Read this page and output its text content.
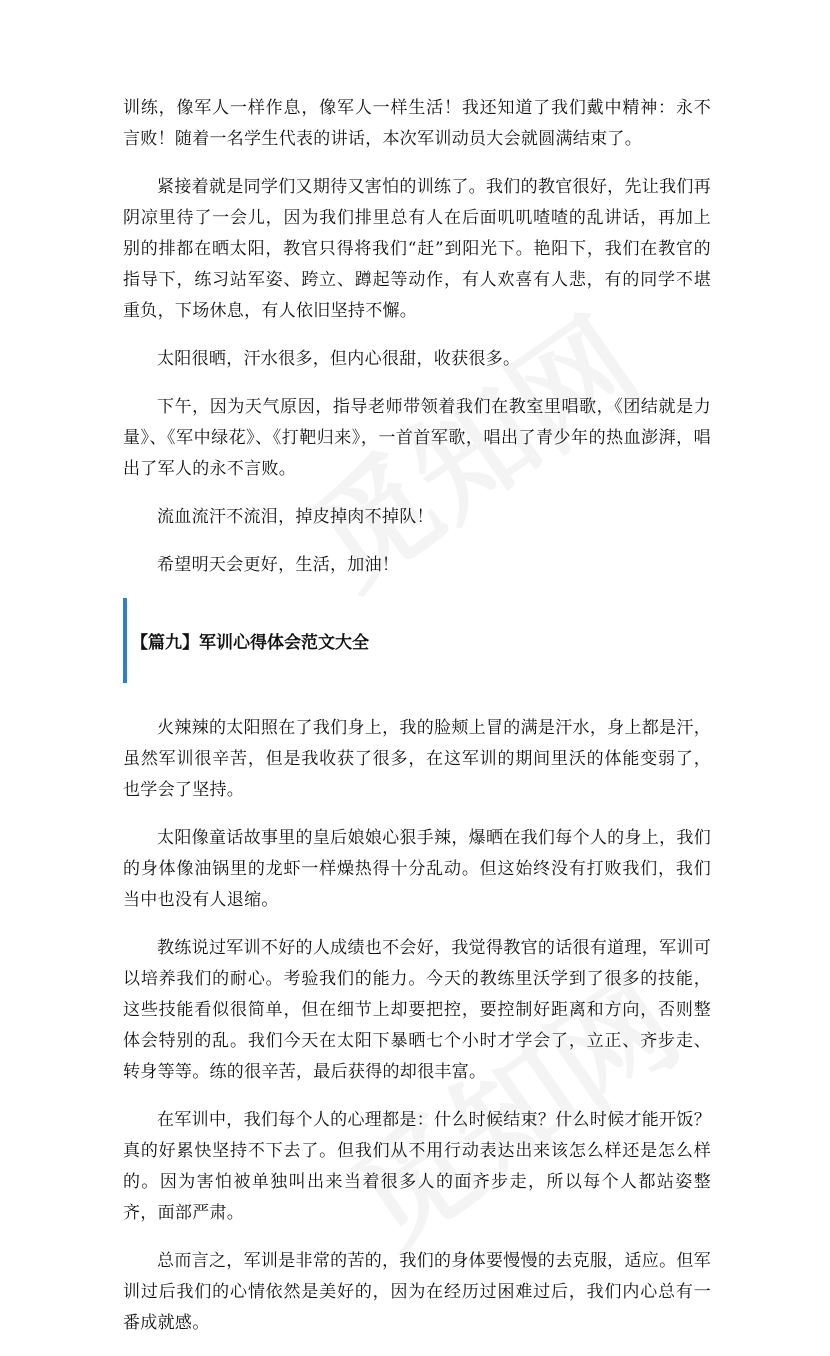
训练，像军人一样作息，像军人一样生活！我还知道了我们戴中精神：永不言败！随着一名学生代表的讲话，本次军训动员大会就圆满结束了。

紧接着就是同学们又期待又害怕的训练了。我们的教官很好，先让我们再阴凉里待了一会儿，因为我们排里总有人在后面叽叽喳喳的乱讲话，再加上别的排都在晒太阳，教官只得将我们“赶”到阳光下。艳阳下，我们在教官的指导下，练习站军姿、跨立、蹲起等动作，有人欢喜有人悲，有的同学不堪重负，下场休息，有人依旧坚持不懈。

太阳很晒，汗水很多，但内心很甜，收获很多。

下午，因为天气原因，指导老师带领着我们在教室里唱歌，《团结就是力量》、《军中绿花》、《打靶归来》，一首首军歌，唱出了青少年的热血澎湃，唱出了军人的永不言败。

流血流汗不流泪，掉皮掉肉不掉队！

希望明天会更好，生活，加油！

【篇九】军训心得体会范文大全

火辣辣的太阳照在了我们身上，我的脸颊上冒的满是汗水，身上都是汗，虽然军训很辛苦，但是我收获了很多，在这军训的期间里沃的体能变弱了，也学会了坚持。

太阳像童话故事里的皇后娘娘心狠手辣，爆晒在我们每个人的身上，我们的身体像油锅里的龙虾一样燥热得十分乱动。但这始终没有打败我们，我们当中也没有人退缩。

教练说过军训不好的人成绩也不会好，我觉得教官的话很有道理，军训可以培养我们的耐心。考验我们的能力。今天的教练里沃学到了很多的技能，这些技能看似很简单，但在细节上却要把控，要控制好距离和方向，否则整体会特别的乱。我们今天在太阳下暴晒七个小时才学会了，立正、齐步走、转身等等。练的很辛苦，最后获得的却很丰富。

在军训中，我们每个人的心理都是：什么时候结束？什么时候才能开饭？真的好累快坚持不下去了。但我们从不用行动表达出来该怎么样还是怎么样的。因为害怕被单独叫出来当着很多人的面齐步走，所以每个人都站姿整齐，面部严肃。

总而言之，军训是非常的苦的，我们的身体要慢慢的去克服，适应。但军训过后我们的心情依然是美好的，因为在经历过困难过后，我们内心总有一番成就感。
